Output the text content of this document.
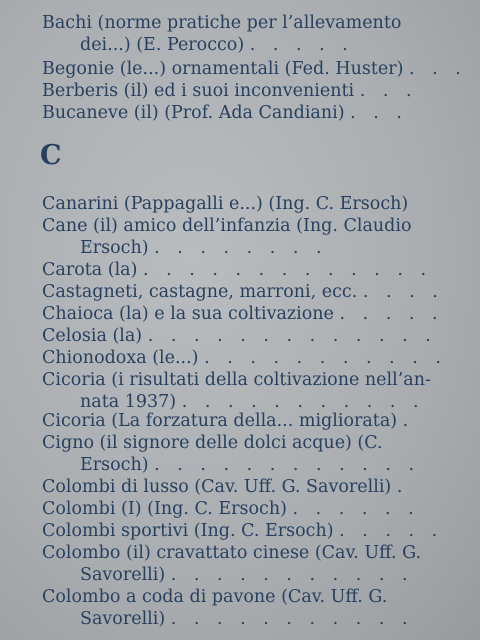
Bachi (norme pratiche per l’allevamento
dei...) (E. Perocco) . . . . .
Begonie (le...) ornamentali (Fed. Huster) . . .
Berberis (il) ed i suoi inconvenienti . . .
Bucaneve (il) (Prof. Ada Candiani) . . .
C
Canarini (Pappagalli e...) (Ing. C. Ersoch)
Cane (il) amico dell’infanzia (Ing. Claudio
Ersoch) . . . . . . . .
Carota (la) . . . . . . . . . . . . .
Castagneti, castagne, marroni, ecc. . . . .
Chaioca (la) e la sua coltivazione . . . . .
Celosia (la) . . . . . . . . . . . . .
Chionodoxa (le...) . . . . . . . . . . .
Cicoria (i risultati della coltivazione nell’an-
nata 1937) . . . . . . . . . . .
Cicoria (La forzatura della... migliorata) .
Cigno (il signore delle dolci acque) (C.
Ersoch) . . . . . . . . . . . .
Colombi di lusso (Cav. Uff. G. Savorelli) .
Colombi (I) (Ing. C. Ersoch) . . . . . .
Colombi sportivi (Ing. C. Ersoch) . . . . .
Colombo (il) cravattato cinese (Cav. Uff. G.
Savorelli) . . . . . . . . . . .
Colombo a coda di pavone (Cav. Uff. G.
Savorelli) . . . . . . . . . . .
